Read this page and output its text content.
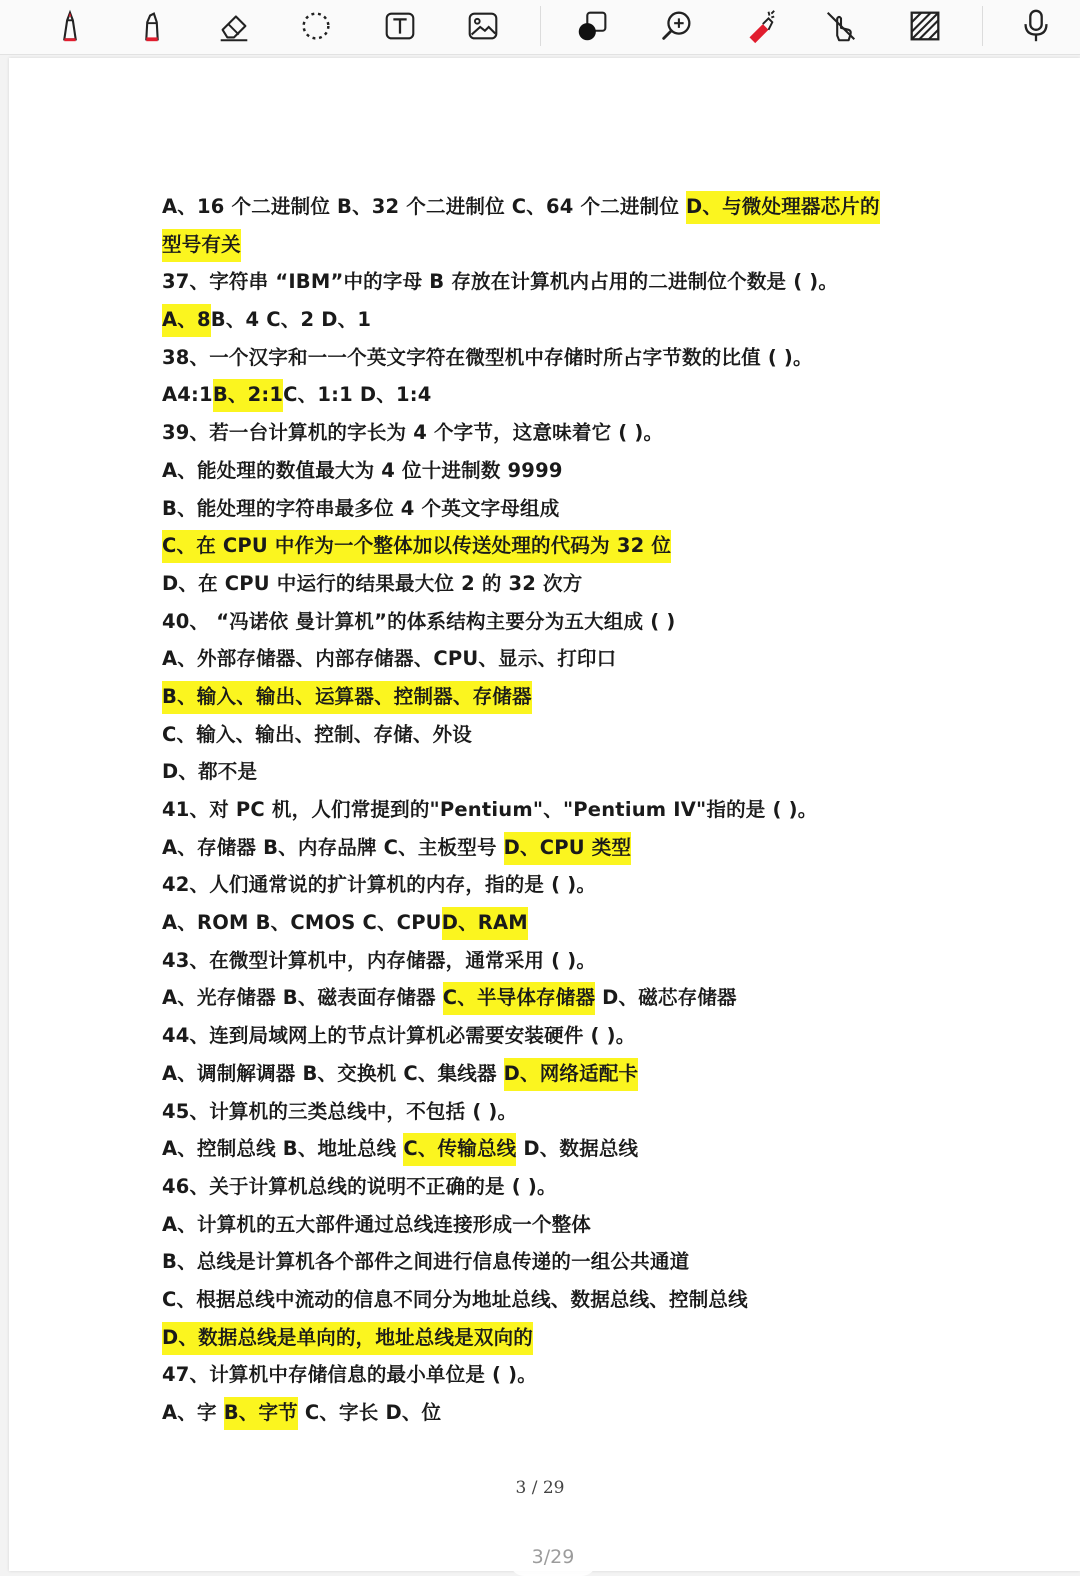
A、16 个二进制位 B、32 个二进制位 C、64 个二进制位 D、与微处理器芯片的
型号有关
37、字符串 “IBM”中的字母 B 存放在计算机内占用的二进制位个数是 ( )。
A、8B、4 C、2 D、1
38、一个汉字和一一个英文字符在微型机中存储时所占字节数的比值 ( )。
A4:1B、2:1C、1:1 D、1:4
39、若一台计算机的字长为 4 个字节，这意味着它 ( )。
A、能处理的数值最大为 4 位十进制数 9999
B、能处理的字符串最多位 4 个英文字母组成
C、在 CPU 中作为一个整体加以传送处理的代码为 32 位
D、在 CPU 中运行的结果最大位 2 的 32 次方
40、 “冯诺依 曼计算机”的体系结构主要分为五大组成 ( )
A、外部存储器、内部存储器、CPU、显示、打印口
B、输入、输出、运算器、控制器、存储器
C、输入、输出、控制、存储、外设
D、都不是
41、对 PC 机，人们常提到的"Pentium"、"Pentium IV"指的是 ( )。
A、存储器 B、内存品牌 C、主板型号 D、CPU 类型
42、人们通常说的扩计算机的内存，指的是 ( )。
A、ROM B、CMOS C、CPUD、RAM
43、在微型计算机中，内存储器，通常采用 ( )。
A、光存储器 B、磁表面存储器 C、半导体存储器 D、磁芯存储器
44、连到局域网上的节点计算机必需要安装硬件 ( )。
A、调制解调器 B、交换机 C、集线器 D、网络适配卡
45、计算机的三类总线中，不包括 ( )。
A、控制总线 B、地址总线 C、传输总线 D、数据总线
46、关于计算机总线的说明不正确的是 ( )。
A、计算机的五大部件通过总线连接形成一个整体
B、总线是计算机各个部件之间进行信息传递的一组公共通道
C、根据总线中流动的信息不同分为地址总线、数据总线、控制总线
D、数据总线是单向的，地址总线是双向的
47、计算机中存储信息的最小单位是 ( )。
A、字 B、字节 C、字长 D、位
3 / 29
3/29
